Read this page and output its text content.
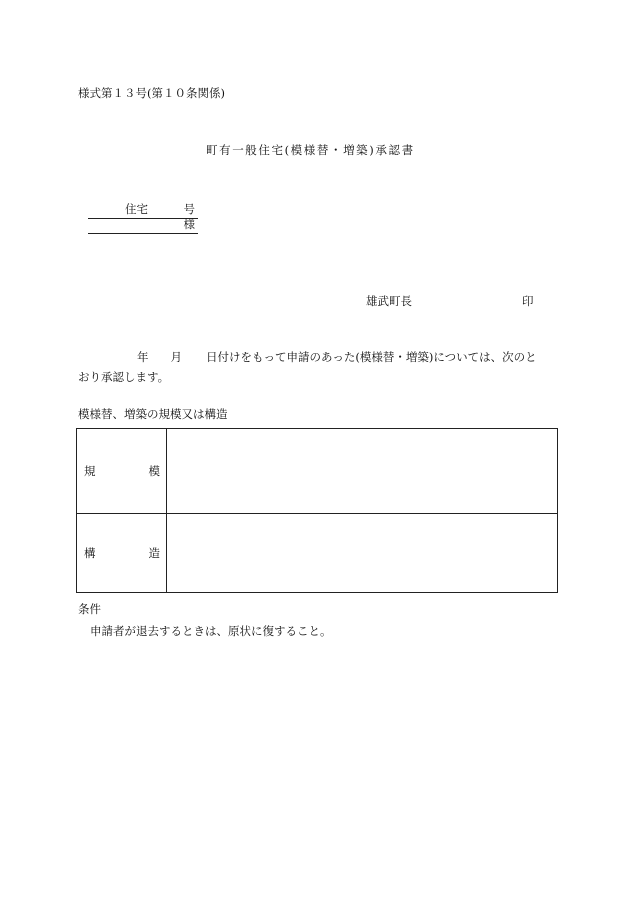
様式第１３号(第１０条関係)
町有一般住宅(模様替・増築)承認書
住宅	号
様
雄武町長	印
年 月 日付けをもって申請のあった(模様替・増築)については、次のと
おり承認します。
模様替、増築の規模又は構造
規 模	

構 造	

条件
申請者が退去するときは、原状に復すること。
